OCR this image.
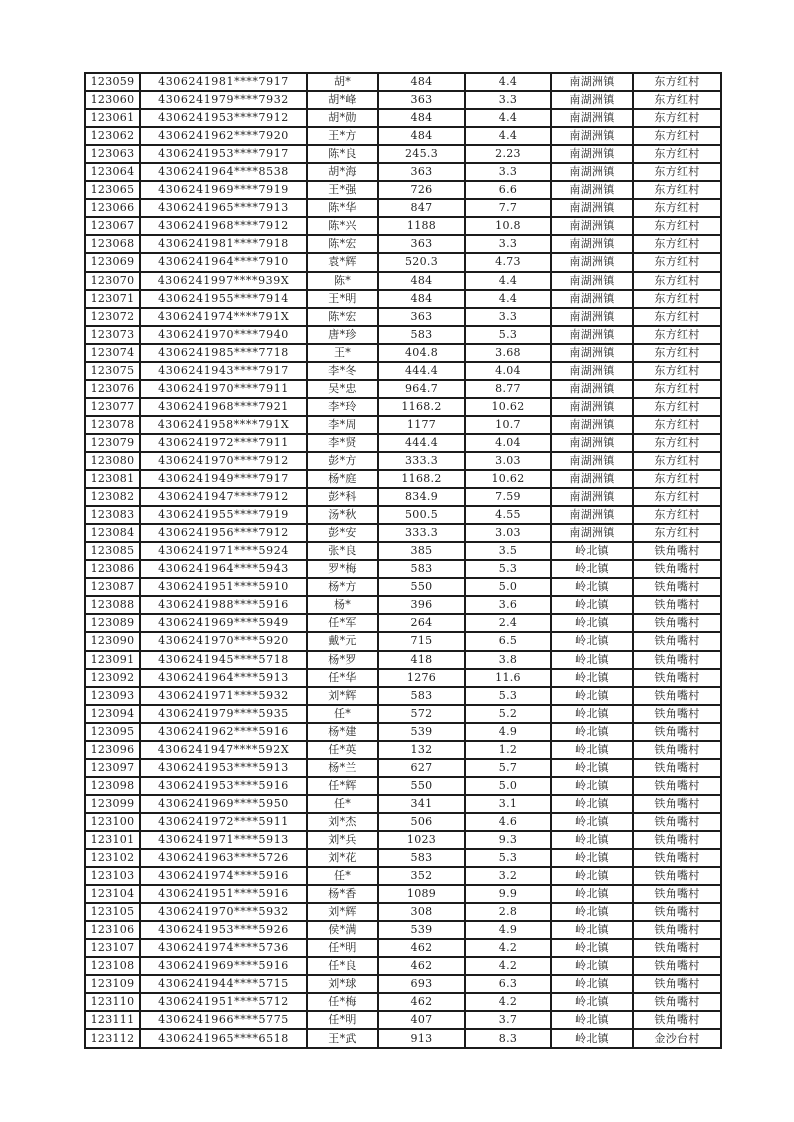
123059	4306241981****7917	胡*	484	4.4	南湖洲镇	东方红村
123060	4306241979****7932	胡*峰	363	3.3	南湖洲镇	东方红村
123061	4306241953****7912	胡*勋	484	4.4	南湖洲镇	东方红村
123062	4306241962****7920	王*方	484	4.4	南湖洲镇	东方红村
123063	4306241953****7917	陈*良	245.3	2.23	南湖洲镇	东方红村
123064	4306241964****8538	胡*海	363	3.3	南湖洲镇	东方红村
123065	4306241969****7919	王*强	726	6.6	南湖洲镇	东方红村
123066	4306241965****7913	陈*华	847	7.7	南湖洲镇	东方红村
123067	4306241968****7912	陈*兴	1188	10.8	南湖洲镇	东方红村
123068	4306241981****7918	陈*宏	363	3.3	南湖洲镇	东方红村
123069	4306241964****7910	袁*辉	520.3	4.73	南湖洲镇	东方红村
123070	4306241997****939X	陈*	484	4.4	南湖洲镇	东方红村
123071	4306241955****7914	王*明	484	4.4	南湖洲镇	东方红村
123072	4306241974****791X	陈*宏	363	3.3	南湖洲镇	东方红村
123073	4306241970****7940	唐*珍	583	5.3	南湖洲镇	东方红村
123074	4306241985****7718	王*	404.8	3.68	南湖洲镇	东方红村
123075	4306241943****7917	李*冬	444.4	4.04	南湖洲镇	东方红村
123076	4306241970****7911	吴*忠	964.7	8.77	南湖洲镇	东方红村
123077	4306241968****7921	李*玲	1168.2	10.62	南湖洲镇	东方红村
123078	4306241958****791X	李*周	1177	10.7	南湖洲镇	东方红村
123079	4306241972****7911	李*贤	444.4	4.04	南湖洲镇	东方红村
123080	4306241970****7912	彭*方	333.3	3.03	南湖洲镇	东方红村
123081	4306241949****7917	杨*庭	1168.2	10.62	南湖洲镇	东方红村
123082	4306241947****7912	彭*科	834.9	7.59	南湖洲镇	东方红村
123083	4306241955****7919	汤*秋	500.5	4.55	南湖洲镇	东方红村
123084	4306241956****7912	彭*安	333.3	3.03	南湖洲镇	东方红村
123085	4306241971****5924	张*良	385	3.5	岭北镇	铁角嘴村
123086	4306241964****5943	罗*梅	583	5.3	岭北镇	铁角嘴村
123087	4306241951****5910	杨*方	550	5.0	岭北镇	铁角嘴村
123088	4306241988****5916	杨*	396	3.6	岭北镇	铁角嘴村
123089	4306241969****5949	任*军	264	2.4	岭北镇	铁角嘴村
123090	4306241970****5920	戴*元	715	6.5	岭北镇	铁角嘴村
123091	4306241945****5718	杨*罗	418	3.8	岭北镇	铁角嘴村
123092	4306241964****5913	任*华	1276	11.6	岭北镇	铁角嘴村
123093	4306241971****5932	刘*辉	583	5.3	岭北镇	铁角嘴村
123094	4306241979****5935	任*	572	5.2	岭北镇	铁角嘴村
123095	4306241962****5916	杨*建	539	4.9	岭北镇	铁角嘴村
123096	4306241947****592X	任*英	132	1.2	岭北镇	铁角嘴村
123097	4306241953****5913	杨*兰	627	5.7	岭北镇	铁角嘴村
123098	4306241953****5916	任*辉	550	5.0	岭北镇	铁角嘴村
123099	4306241969****5950	任*	341	3.1	岭北镇	铁角嘴村
123100	4306241972****5911	刘*杰	506	4.6	岭北镇	铁角嘴村
123101	4306241971****5913	刘*兵	1023	9.3	岭北镇	铁角嘴村
123102	4306241963****5726	刘*花	583	5.3	岭北镇	铁角嘴村
123103	4306241974****5916	任*	352	3.2	岭北镇	铁角嘴村
123104	4306241951****5916	杨*香	1089	9.9	岭北镇	铁角嘴村
123105	4306241970****5932	刘*辉	308	2.8	岭北镇	铁角嘴村
123106	4306241953****5926	侯*满	539	4.9	岭北镇	铁角嘴村
123107	4306241974****5736	任*明	462	4.2	岭北镇	铁角嘴村
123108	4306241969****5916	任*良	462	4.2	岭北镇	铁角嘴村
123109	4306241944****5715	刘*球	693	6.3	岭北镇	铁角嘴村
123110	4306241951****5712	任*梅	462	4.2	岭北镇	铁角嘴村
123111	4306241966****5775	任*明	407	3.7	岭北镇	铁角嘴村
123112	4306241965****6518	王*武	913	8.3	岭北镇	金沙台村
